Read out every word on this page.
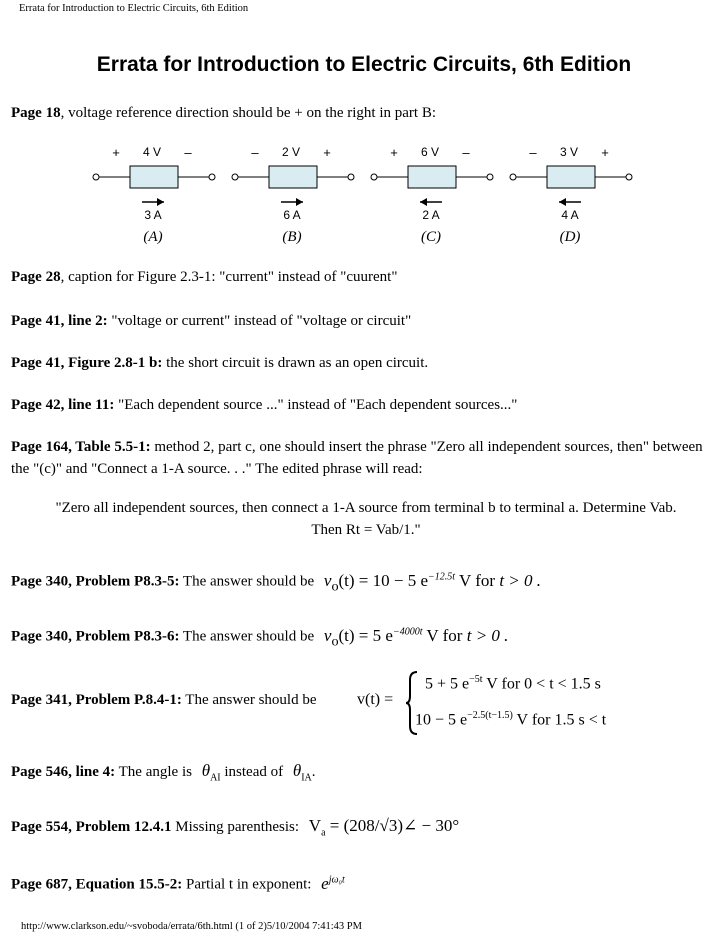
Errata for Introduction to Electric Circuits, 6th Edition
Errata for Introduction to Electric Circuits, 6th Edition
Page 18, voltage reference direction should be + on the right in part B:
+ 4 V –
3 A
(A)
– 2 V +
6 A
(B)
+ 6 V –
2 A
(C)
– 3 V +
4 A
(D)
Page 28, caption for Figure 2.3-1: "current" instead of "cuurent"
Page 41, line 2: "voltage or current" instead of "voltage or circuit"
Page 41, Figure 2.8-1 b: the short circuit is drawn as an open circuit.
Page 42, line 11: "Each dependent source ..." instead of "Each dependent sources..."
Page 164, Table 5.5-1: method 2, part c, one should insert the phrase "Zero all independent sources, then" between the "(c)" and "Connect a 1-A source. . ." The edited phrase will read:
"Zero all independent sources, then connect a 1-A source from terminal b to terminal a. Determine Vab.
Then Rt = Vab/1."
Page 340, Problem P8.3-5: The answer should be $v_o(t) = 10 - 5$ $e^{-12.5t}$ V for t > 0 .
Page 340, Problem P8.3-6: The answer should be $v_o(t) = 5$ $e^{-4000t}$ V for t > 0 .
Page 341, Problem P.8.4-1: The answer should be	v(t) =
5 + 5 $e^{-5t}$ V for 0 < t < 1.5 s
10 − 5 $e^{-2.5(t-1.5)}$ V for 1.5 s < t
Page 546, line 4: The angle is $\theta_{AI}$ instead of $\theta_{IA}$.
Page 554, Problem 12.4.1 Missing parenthesis: $V_a$ = (208/√3)∠ − 30°
Page 687, Equation 15.5-2: Partial t in exponent: $e^{j\omega_0t}$
http://www.clarkson.edu/~svoboda/errata/6th.html (1 of 2)5/10/2004 7:41:43 PM
